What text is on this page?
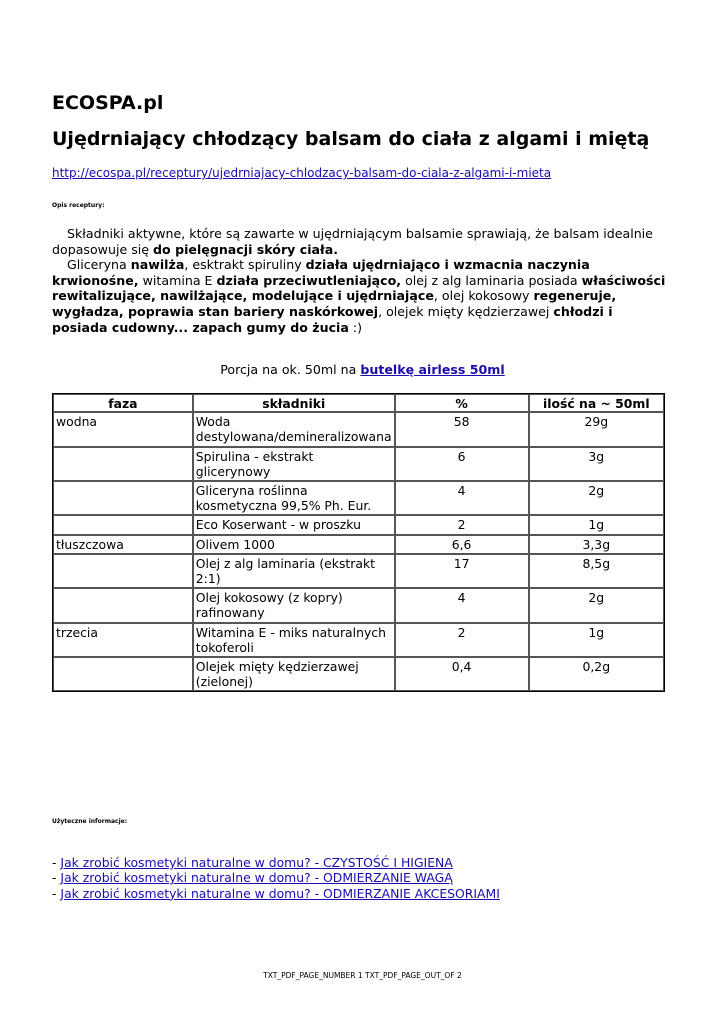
ECOSPA.pl
Ujędrniający chłodzący balsam do ciała z algami i miętą
http://ecospa.pl/receptury/ujedrniajacy-chlodzacy-balsam-do-ciala-z-algami-i-mieta
Opis receptury:

Składniki aktywne, które są zawarte w ujędrniającym balsamie sprawiają, że balsam idealnie dopasowuje się do pielęgnacji skóry ciała.

Gliceryna nawilża, esktrakt spiruliny działa ujędrniająco i wzmacnia naczynia krwionośne, witamina E działa przeciwutleniająco, olej z alg laminaria posiada właściwości rewitalizujące, nawilżające, modelujące i ujędrniające, olej kokosowy regeneruje, wygładza, poprawia stan bariery naskórkowej, olejek mięty kędzierzawej chłodzi i posiada cudowny... zapach gumy do żucia :)

Porcja na ok. 50ml na butelkę airless 50ml
faza	składniki	%	ilość na ~ 50ml
wodna	Woda destylowana/demineralizowana	58	29g
	Spirulina - ekstrakt glicerynowy	6	3g
	Gliceryna roślinna kosmetyczna 99,5% Ph. Eur.	4	2g
	Eco Koserwant - w proszku	2	1g
tłuszczowa	Olivem 1000	6,6	3,3g
	Olej z alg laminaria (ekstrakt 2:1)	17	8,5g
	Olej kokosowy (z kopry) rafinowany	4	2g
trzecia	Witamina E - miks naturalnych tokoferoli	2	1g
	Olejek mięty kędzierzawej (zielonej)	0,4	0,2g
Użyteczne informacje:
- Jak zrobić kosmetyki naturalne w domu? - CZYSTOŚĆ I HIGIENA
- Jak zrobić kosmetyki naturalne w domu? - ODMIERZANIE WAGĄ
- Jak zrobić kosmetyki naturalne w domu? - ODMIERZANIE AKCESORIAMI
TXT_PDF_PAGE_NUMBER 1 TXT_PDF_PAGE_OUT_OF 2
